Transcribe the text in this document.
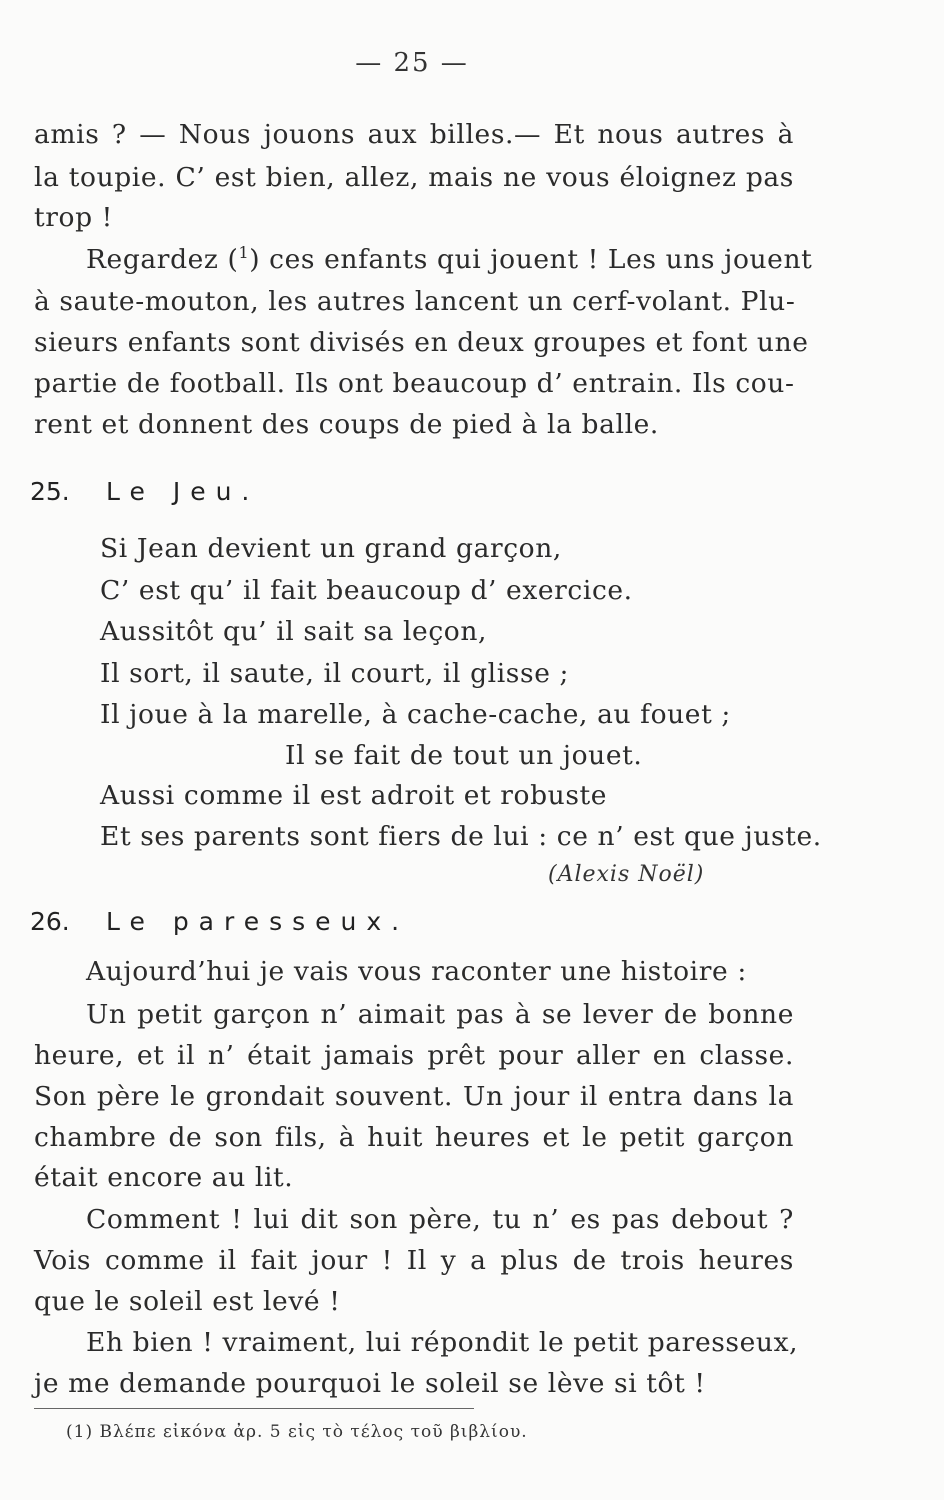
— 25 —
amis ? — Nous jouons aux billes.— Et nous autres à
la toupie. C’ est bien, allez, mais ne vous éloignez pas
trop !
Regardez ($^1$) ces enfants qui jouent ! Les uns jouent
à saute-mouton, les autres lancent un cerf-volant. Plu-
sieurs enfants sont divisés en deux groupes et font une
partie de football. Ils ont beaucoup d’ entrain. Ils cou-
rent et donnent des coups de pied à la balle.
25. Le Jeu.
Si Jean devient un grand garçon,
C’ est qu’ il fait beaucoup d’ exercice.
Aussitôt qu’ il sait sa leçon,
Il sort, il saute, il court, il glisse ;
Il joue à la marelle, à cache-cache, au fouet ;
Il se fait de tout un jouet.
Aussi comme il est adroit et robuste
Et ses parents sont fiers de lui : ce n’ est que juste.
(Alexis Noël)
26. Le paresseux.
Aujourd’hui je vais vous raconter une histoire :
Un petit garçon n’ aimait pas à se lever de bonne
heure, et il n’ était jamais prêt pour aller en classe.
Son père le grondait souvent. Un jour il entra dans la
chambre de son fils, à huit heures et le petit garçon
était encore au lit.
Comment ! lui dit son père, tu n’ es pas debout ?
Vois comme il fait jour ! Il y a plus de trois heures
que le soleil est levé !
Eh bien ! vraiment, lui répondit le petit paresseux,
je me demande pourquoi le soleil se lève si tôt !
(1) Βλέπε εἰκόνα ἀρ. 5 εἰς τὸ τέλος τοῦ βιβλίου.
